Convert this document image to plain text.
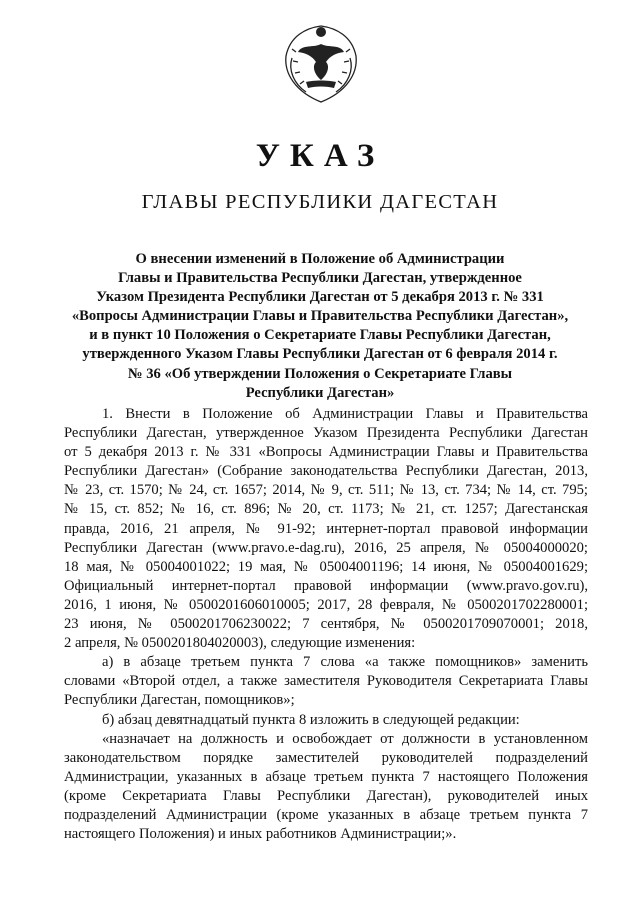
УКАЗ
ГЛАВЫ РЕСПУБЛИКИ ДАГЕСТАН
О внесении изменений в Положение об Администрации
Главы и Правительства Республики Дагестан, утвержденное
Указом Президента Республики Дагестан от 5 декабря 2013 г. № 331
«Вопросы Администрации Главы и Правительства Республики Дагестан»,
и в пункт 10 Положения о Секретариате Главы Республики Дагестан,
утвержденного Указом Главы Республики Дагестан от 6 февраля 2014 г.
№ 36 «Об утверждении Положения о Секретариате Главы
Республики Дагестан»
1. Внести в Положение об Администрации Главы и Правительства
Республики Дагестан, утвержденное Указом Президента Республики Дагестан
от 5 декабря 2013 г. № 331 «Вопросы Администрации Главы и Правительства
Республики Дагестан» (Собрание законодательства Республики Дагестан, 2013,
№ 23, ст. 1570; № 24, ст. 1657; 2014, № 9, ст. 511; № 13, ст. 734; № 14, ст. 795;
№ 15, ст. 852; № 16, ст. 896; № 20, ст. 1173; № 21, ст. 1257; Дагестанская
правда, 2016, 21 апреля, № 91-92; интернет-портал правовой информации
Республики Дагестан (www.pravo.e-dag.ru), 2016, 25 апреля, № 05004000020;
18 мая, № 05004001022; 19 мая, № 05004001196; 14 июня, № 05004001629;
Официальный интернет-портал правовой информации (www.pravo.gov.ru),
2016, 1 июня, № 0500201606010005; 2017, 28 февраля, № 0500201702280001;
23 июня, № 0500201706230022; 7 сентября, № 0500201709070001; 2018,
2 апреля, № 0500201804020003), следующие изменения:
а) в абзаце третьем пункта 7 слова «а также помощников» заменить
словами «Второй отдел, а также заместителя Руководителя Секретариата Главы
Республики Дагестан, помощников»;
б) абзац девятнадцатый пункта 8 изложить в следующей редакции:
«назначает на должность и освобождает от должности в установленном
законодательством порядке заместителей руководителей подразделений
Администрации, указанных в абзаце третьем пункта 7 настоящего Положения
(кроме Секретариата Главы Республики Дагестан), руководителей иных
подразделений Администрации (кроме указанных в абзаце третьем пункта 7
настоящего Положения) и иных работников Администрации;».
